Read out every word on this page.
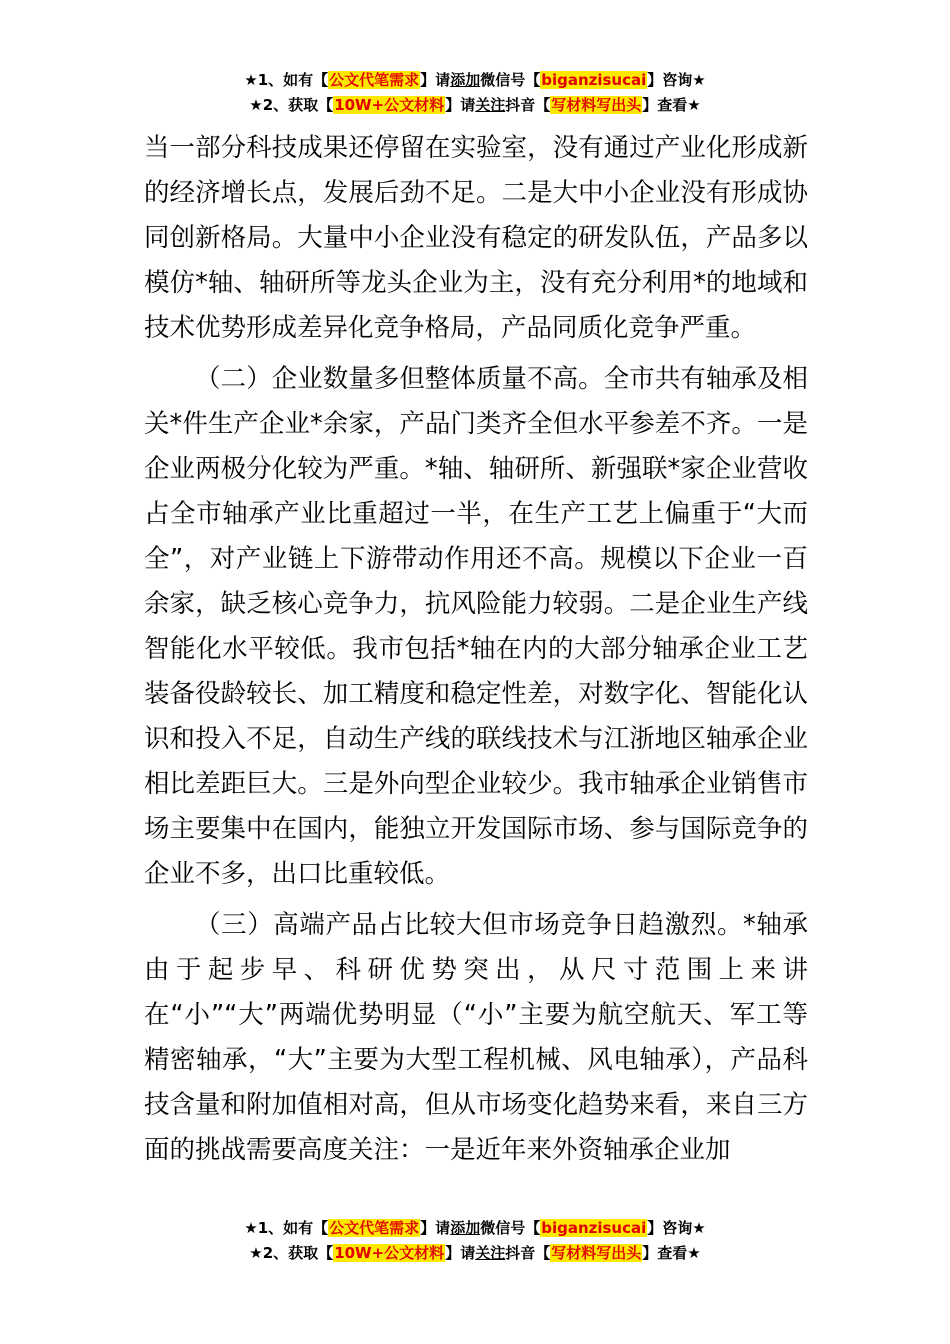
★1、如有【公文代笔需求】请添加微信号【biganzisucai】咨询★
★2、获取【10W+公文材料】请关注抖音【写材料写出头】查看★

当一部分科技成果还停留在实验室，没有通过产业化形成新的经济增长点，发展后劲不足。二是大中小企业没有形成协同创新格局。大量中小企业没有稳定的研发队伍，产品多以模仿*轴、轴研所等龙头企业为主，没有充分利用*的地域和技术优势形成差异化竞争格局，产品同质化竞争严重。

（二）企业数量多但整体质量不高。全市共有轴承及相关*件生产企业*余家，产品门类齐全但水平参差不齐。一是企业两极分化较为严重。*轴、轴研所、新强联*家企业营收占全市轴承产业比重超过一半，在生产工艺上偏重于“大而全”，对产业链上下游带动作用还不高。规模以下企业一百余家，缺乏核心竞争力，抗风险能力较弱。二是企业生产线智能化水平较低。我市包括*轴在内的大部分轴承企业工艺装备役龄较长、加工精度和稳定性差，对数字化、智能化认识和投入不足，自动生产线的联线技术与江浙地区轴承企业相比差距巨大。三是外向型企业较少。我市轴承企业销售市场主要集中在国内，能独立开发国际市场、参与国际竞争的企业不多，出口比重较低。

（三）高端产品占比较大但市场竞争日趋激烈。*轴承由于起步早、科研优势突出，从尺寸范围上来讲在“小”“大”两端优势明显（“小”主要为航空航天、军工等精密轴承，“大”主要为大型工程机械、风电轴承），产品科技含量和附加值相对高，但从市场变化趋势来看，来自三方面的挑战需要高度关注：一是近年来外资轴承企业加

★1、如有【公文代笔需求】请添加微信号【biganzisucai】咨询★
★2、获取【10W+公文材料】请关注抖音【写材料写出头】查看★
